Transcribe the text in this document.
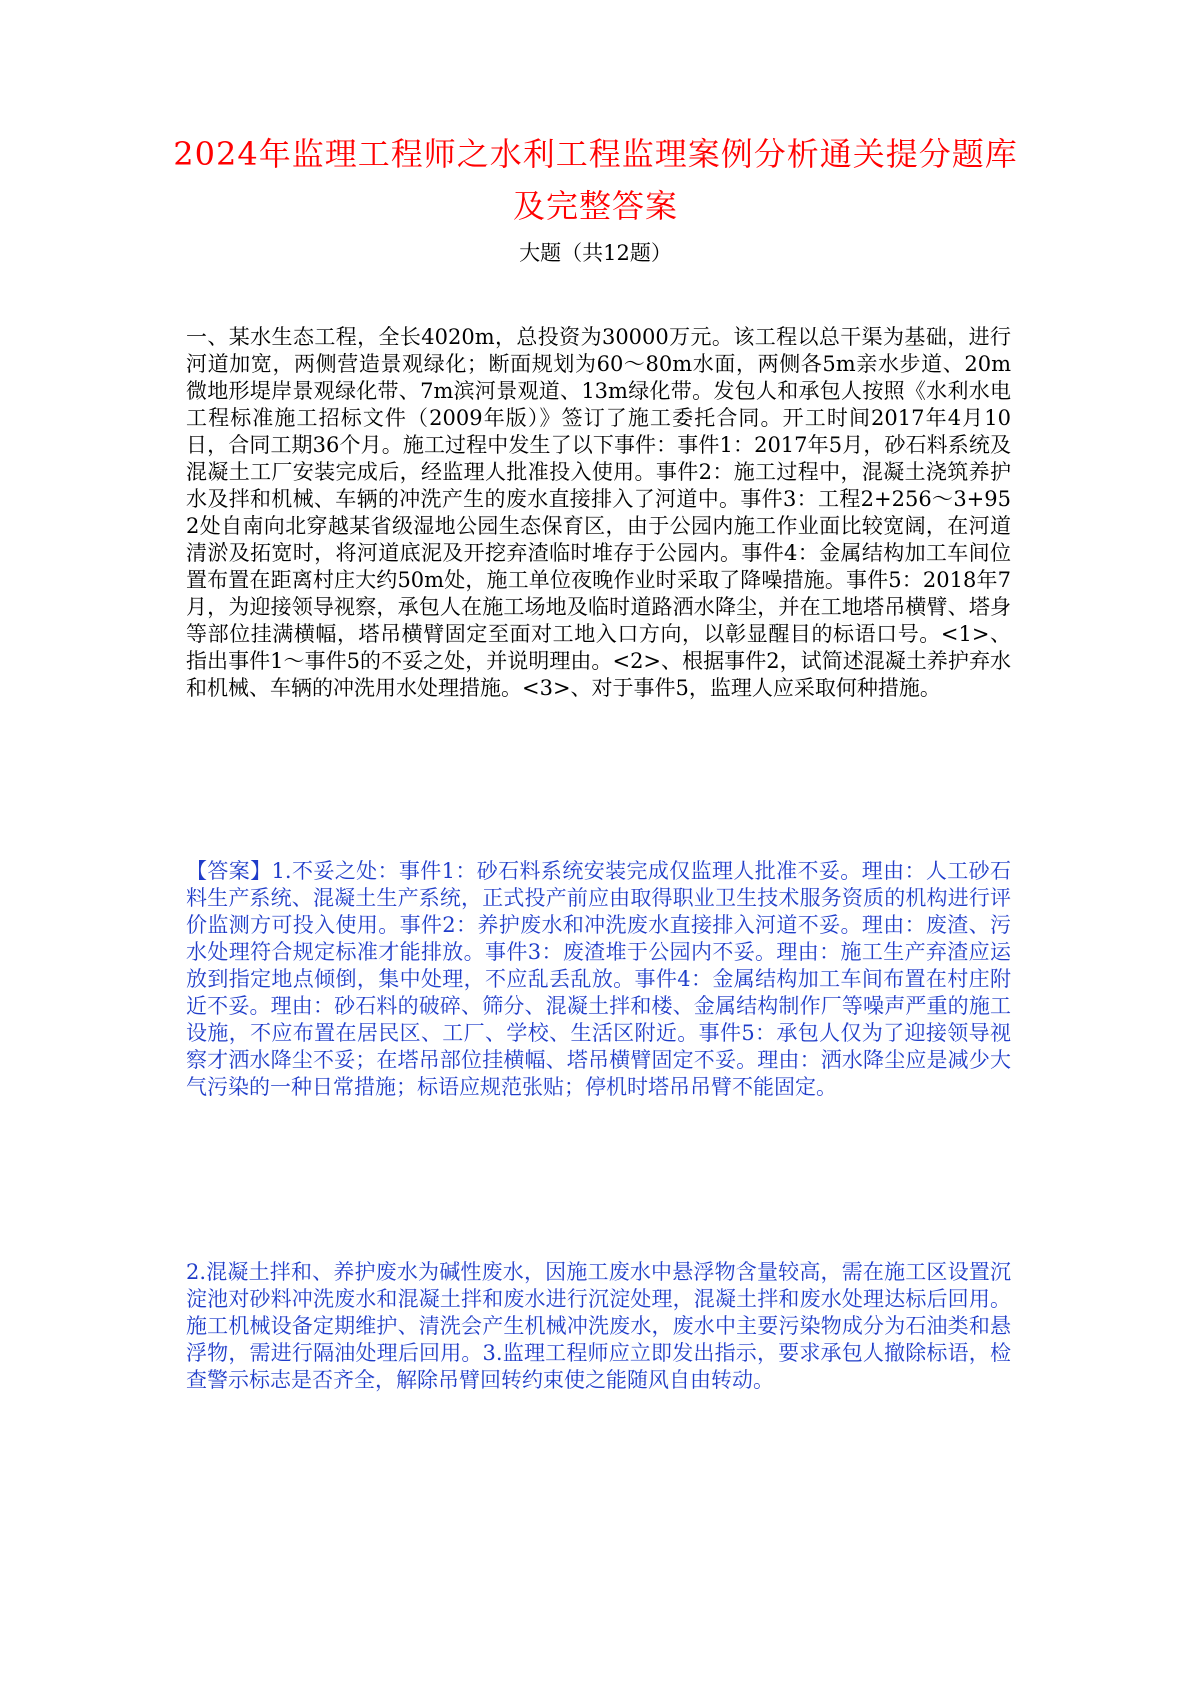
2024年监理工程师之水利工程监理案例分析通关提分题库及完整答案
大题（共12题）
一、某水生态工程，全长4020m，总投资为30000万元。该工程以总干渠为基础，进行河道加宽，两侧营造景观绿化；断面规划为60～80m水面，两侧各5m亲水步道、20m微地形堤岸景观绿化带、7m滨河景观道、13m绿化带。发包人和承包人按照《水利水电工程标准施工招标文件（2009年版）》签订了施工委托合同。开工时间2017年4月10日，合同工期36个月。施工过程中发生了以下事件：事件1：2017年5月，砂石料系统及混凝土工厂安装完成后，经监理人批准投入使用。事件2：施工过程中，混凝土浇筑养护水及拌和机械、车辆的冲洗产生的废水直接排入了河道中。事件3：工程2+256～3+952处自南向北穿越某省级湿地公园生态保育区，由于公园内施工作业面比较宽阔，在河道清淤及拓宽时，将河道底泥及开挖弃渣临时堆存于公园内。事件4：金属结构加工车间位置布置在距离村庄大约50m处，施工单位夜晚作业时采取了降噪措施。事件5：2018年7月，为迎接领导视察，承包人在施工场地及临时道路洒水降尘，并在工地塔吊横臂、塔身等部位挂满横幅，塔吊横臂固定至面对工地入口方向，以彰显醒目的标语口号。<1>、指出事件1～事件5的不妥之处，并说明理由。<2>、根据事件2，试简述混凝土养护弃水和机械、车辆的冲洗用水处理措施。<3>、对于事件5，监理人应采取何种措施。
【答案】1.不妥之处：事件1：砂石料系统安装完成仅监理人批准不妥。理由：人工砂石料生产系统、混凝土生产系统，正式投产前应由取得职业卫生技术服务资质的机构进行评价监测方可投入使用。事件2：养护废水和冲洗废水直接排入河道不妥。理由：废渣、污水处理符合规定标准才能排放。事件3：废渣堆于公园内不妥。理由：施工生产弃渣应运放到指定地点倾倒，集中处理，不应乱丢乱放。事件4：金属结构加工车间布置在村庄附近不妥。理由：砂石料的破碎、筛分、混凝土拌和楼、金属结构制作厂等噪声严重的施工设施，不应布置在居民区、工厂、学校、生活区附近。事件5：承包人仅为了迎接领导视察才洒水降尘不妥；在塔吊部位挂横幅、塔吊横臂固定不妥。理由：洒水降尘应是减少大气污染的一种日常措施；标语应规范张贴；停机时塔吊吊臂不能固定。
2.混凝土拌和、养护废水为碱性废水，因施工废水中悬浮物含量较高，需在施工区设置沉淀池对砂料冲洗废水和混凝土拌和废水进行沉淀处理，混凝土拌和废水处理达标后回用。施工机械设备定期维护、清洗会产生机械冲洗废水，废水中主要污染物成分为石油类和悬浮物，需进行隔油处理后回用。3.监理工程师应立即发出指示，要求承包人撤除标语，检查警示标志是否齐全，解除吊臂回转约束使之能随风自由转动。
